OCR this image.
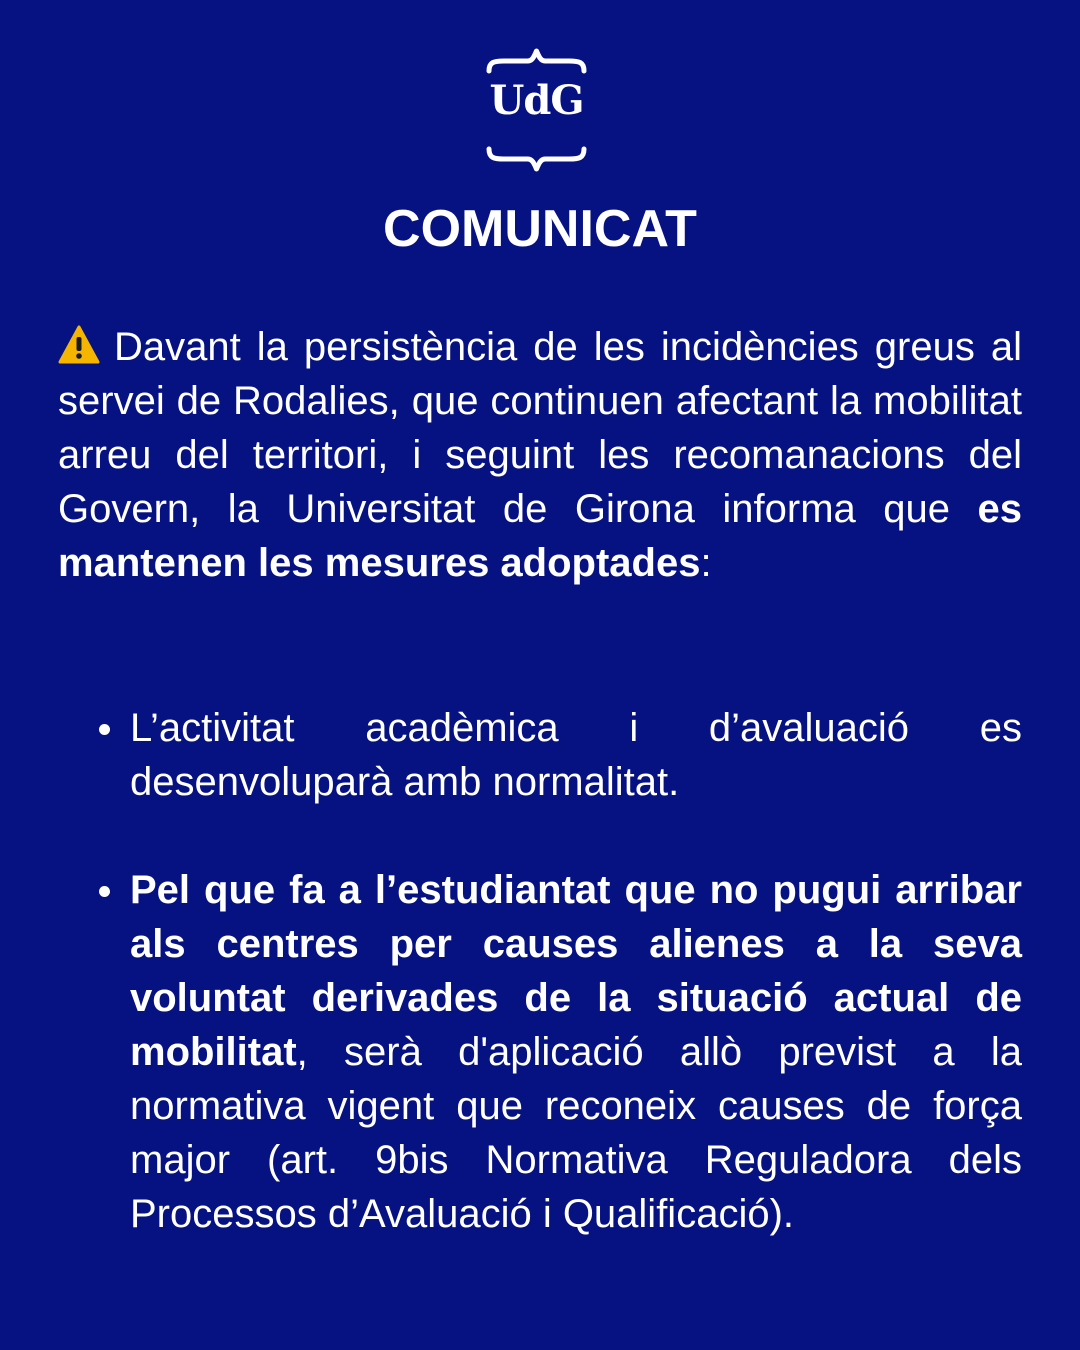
UdG
COMUNICAT

Davant la persistència de les incidències greus al servei de Rodalies, que continuen afectant la mobilitat arreu del territori, i seguint les recomanacions del Govern, la Universitat de Girona informa que es mantenen les mesures adoptades:

L’activitat acadèmica i d’avaluació es desenvoluparà amb normalitat.
Pel que fa a l’estudiantat que no pugui arribar als centres per causes alienes a la seva voluntat derivades de la situació actual de mobilitat, serà d'aplicació allò previst a la normativa vigent que reconeix causes de força major (art. 9bis Normativa Reguladora dels Processos d’Avaluació i Qualificació).
